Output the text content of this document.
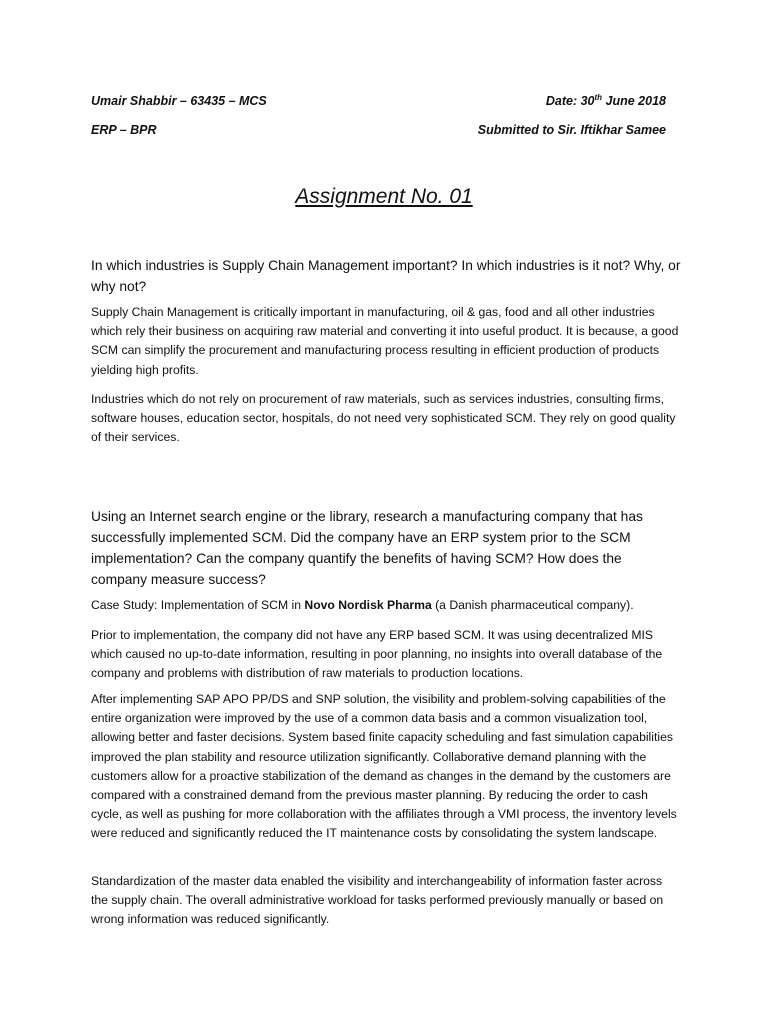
Umair Shabbir – 63435 – MCS	Date: 30th June 2018
ERP – BPR	Submitted to Sir. Iftikhar Samee
Assignment No. 01

In which industries is Supply Chain Management important? In which industries is it not? Why, or why not?

Supply Chain Management is critically important in manufacturing, oil & gas, food and all other industries which rely their business on acquiring raw material and converting it into useful product. It is because, a good SCM can simplify the procurement and manufacturing process resulting in efficient production of products yielding high profits.

Industries which do not rely on procurement of raw materials, such as services industries, consulting firms, software houses, education sector, hospitals, do not need very sophisticated SCM. They rely on good quality of their services.

Using an Internet search engine or the library, research a manufacturing company that has successfully implemented SCM. Did the company have an ERP system prior to the SCM implementation? Can the company quantify the benefits of having SCM? How does the company measure success?

Case Study: Implementation of SCM in Novo Nordisk Pharma (a Danish pharmaceutical company).

Prior to implementation, the company did not have any ERP based SCM. It was using decentralized MIS which caused no up-to-date information, resulting in poor planning, no insights into overall database of the company and problems with distribution of raw materials to production locations.

After implementing SAP APO PP/DS and SNP solution, the visibility and problem-solving capabilities of the entire organization were improved by the use of a common data basis and a common visualization tool, allowing better and faster decisions. System based finite capacity scheduling and fast simulation capabilities improved the plan stability and resource utilization significantly. Collaborative demand planning with the customers allow for a proactive stabilization of the demand as changes in the demand by the customers are compared with a constrained demand from the previous master planning. By reducing the order to cash cycle, as well as pushing for more collaboration with the affiliates through a VMI process, the inventory levels were reduced and significantly reduced the IT maintenance costs by consolidating the system landscape.

Standardization of the master data enabled the visibility and interchangeability of information faster across the supply chain. The overall administrative workload for tasks performed previously manually or based on wrong information was reduced significantly.
